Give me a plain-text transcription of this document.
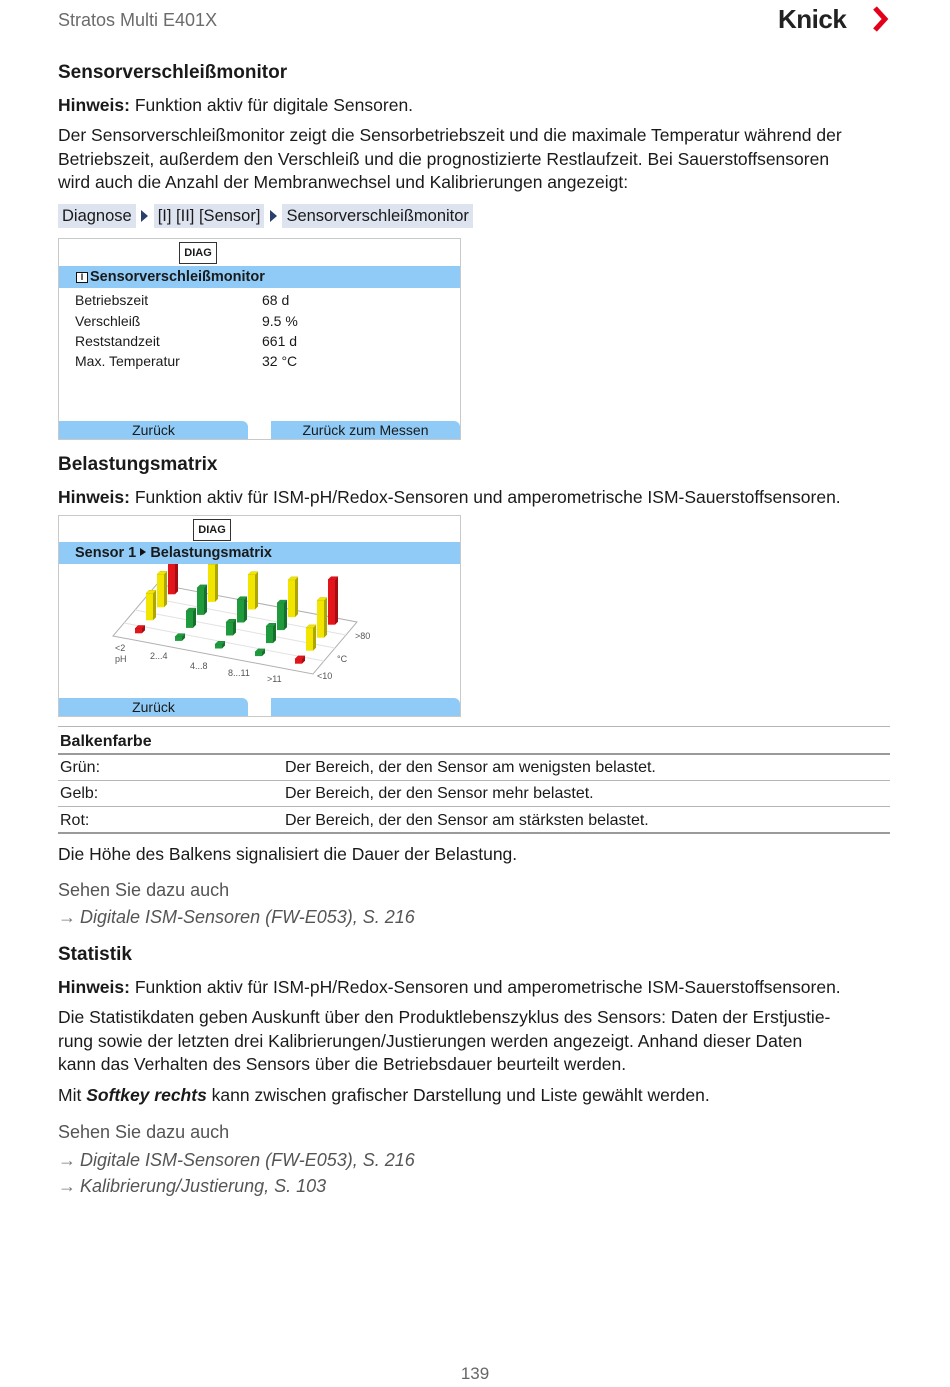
Stratos Multi E401X	Knick
Sensorverschleißmonitor
Hinweis: Funktion aktiv für digitale Sensoren.
Der Sensorverschleißmonitor zeigt die Sensorbetriebszeit und die maximale Temperatur während der
Betriebszeit, außerdem den Verschleiß und die prognostizierte Restlaufzeit. Bei Sauerstoffsensoren
wird auch die Anzahl der Membranwechsel und Kalibrierungen angezeigt:
Diagnose [I] [II] [Sensor] Sensorverschleißmonitor
DIAG
I Sensorverschleißmonitor
Betriebszeit	68 d
Verschleiß	9.5 %
Reststandzeit	661 d
Max. Temperatur	32 °C
Zurück	Zurück zum Messen
Belastungsmatrix
Hinweis: Funktion aktiv für ISM-pH/Redox-Sensoren und amperometrische ISM-Sauerstoffsensoren.
DIAG
Sensor 1 Belastungsmatrix
<2
pH	2...4
4...8
8...11
>11	<10
°C
>80
Zurück
Balkenfarbe
Grün:	Der Bereich, der den Sensor am wenigsten belastet.
Gelb:	Der Bereich, der den Sensor mehr belastet.
Rot:	Der Bereich, der den Sensor am stärksten belastet.
Die Höhe des Balkens signalisiert die Dauer der Belastung.
Sehen Sie dazu auch
→ Digitale ISM-Sensoren (FW-E053), S. 216
Statistik
Hinweis: Funktion aktiv für ISM-pH/Redox-Sensoren und amperometrische ISM-Sauerstoffsensoren.
Die Statistikdaten geben Auskunft über den Produktlebenszyklus des Sensors: Daten der Erstjustie-
rung sowie der letzten drei Kalibrierungen/Justierungen werden angezeigt. Anhand dieser Daten
kann das Verhalten des Sensors über die Betriebsdauer beurteilt werden.
Mit Softkey rechts kann zwischen grafischer Darstellung und Liste gewählt werden.
Sehen Sie dazu auch
→ Digitale ISM-Sensoren (FW-E053), S. 216
→ Kalibrierung/Justierung, S. 103
139
